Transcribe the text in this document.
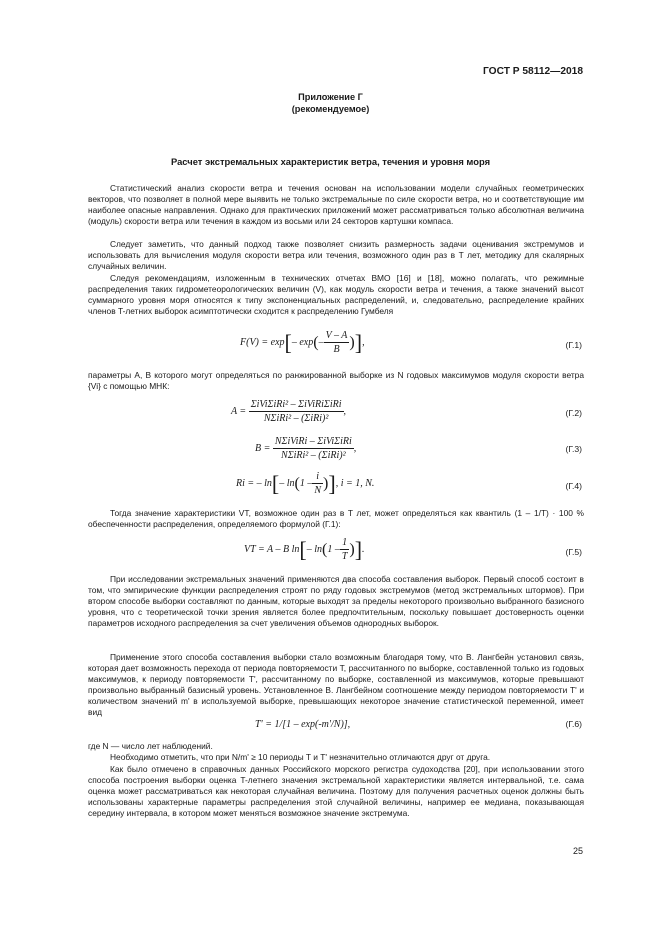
ГОСТ Р 58112—2018
Приложение Г
(рекомендуемое)
Расчет экстремальных характеристик ветра, течения и уровня моря

Статистический анализ скорости ветра и течения основан на использовании модели случайных геометрических векторов, что позволяет в полной мере выявить не только экстремальные по силе скорости ветра, но и соответствующие им наиболее опасные направления. Однако для практических приложений может рассматриваться только абсолютная величина (модуль) скорости ветра или течения в каждом из восьми или 24 секторов картушки компаса.

Следует заметить, что данный подход также позволяет снизить размерность задачи оценивания экстремумов и использовать для вычисления модуля скорости ветра или течения, возможного один раз в T лет, методику для скалярных случайных величин.

Следуя рекомендациям, изложенным в технических отчетах ВМО [16] и [18], можно полагать, что режимные распределения таких гидрометеорологических величин (V), как модуль скорости ветра и течения, а также значений высот суммарного уровня моря относятся к типу экспоненциальных распределений, и, следовательно, распределение крайних членов T-летних выборок асимптотически сходится к распределению Гумбеля

F(V) = exp[– $\exp(- \frac{V - A}{B}$ )],	(Г.1)

параметры A, B которого могут определяться по ранжированной выборке из N годовых максимумов модуля скорости ветра {Vi} с помощью МНК:

$A = \frac{\text{ΣiViΣiRi² – ΣiViRiΣiRi}}{\text{NΣiRi² – (ΣiRi)²}}$ ,	(Г.2)
$B = \frac{\text{NΣiViRi – ΣiViΣiRi}}{\text{NΣiRi² – (ΣiRi)²}}$ ,	(Г.3)
Ri = – ln[– $\ln(1 - \frac{i}{N}$ )], i = 1, N.	(Г.4)

Тогда значение характеристики VT, возможное один раз в T лет, может определяться как квантиль (1 – 1/T) · 100 % обеспеченности распределения, определяемого формулой (Г.1):

VT = A – B ln[– $\ln(1 - \frac{1}{T}$ )].	(Г.5)

При исследовании экстремальных значений применяются два способа составления выборок. Первый способ состоит в том, что эмпирические функции распределения строят по ряду годовых экстремумов (метод экстремальных штормов). При втором способе выборки составляют по данным, которые выходят за пределы некоторого произвольно выбранного базисного уровня, что с теоретической точки зрения является более предпочтительным, поскольку повышает достоверность оценки параметров исходного распределения за счет увеличения объемов однородных выборок.

Применение этого способа составления выборки стало возможным благодаря тому, что В. Лангбейн установил связь, которая дает возможность перехода от периода повторяемости T, рассчитанного по выборке, составленной только из годовых максимумов, к периоду повторяемости T', рассчитанному по выборке, составленной из максимумов, которые превышают произвольно выбранный базисный уровень. Установленное В. Лангбейном соотношение между периодом повторяемости T' и количеством значений m' в используемой выборке, превышающих некоторое значение статистической переменной, имеет вид

T' = 1/[1 – exp(-m'/N)],	(Г.6)

где N — число лет наблюдений.

Необходимо отметить, что при N/m' ≥ 10 периоды T и T' незначительно отличаются друг от друга.

Как было отмечено в справочных данных Российского морского регистра судоходства [20], при использовании этого способа построения выборки оценка T-летнего значения экстремальной характеристики является интервальной, т.е. сама оценка может рассматриваться как некоторая случайная величина. Поэтому для получения расчетных оценок должны быть использованы характерные параметры распределения этой случайной величины, например ее медиана, показывающая середину интервала, в котором может меняться возможное значение экстремума.

25
